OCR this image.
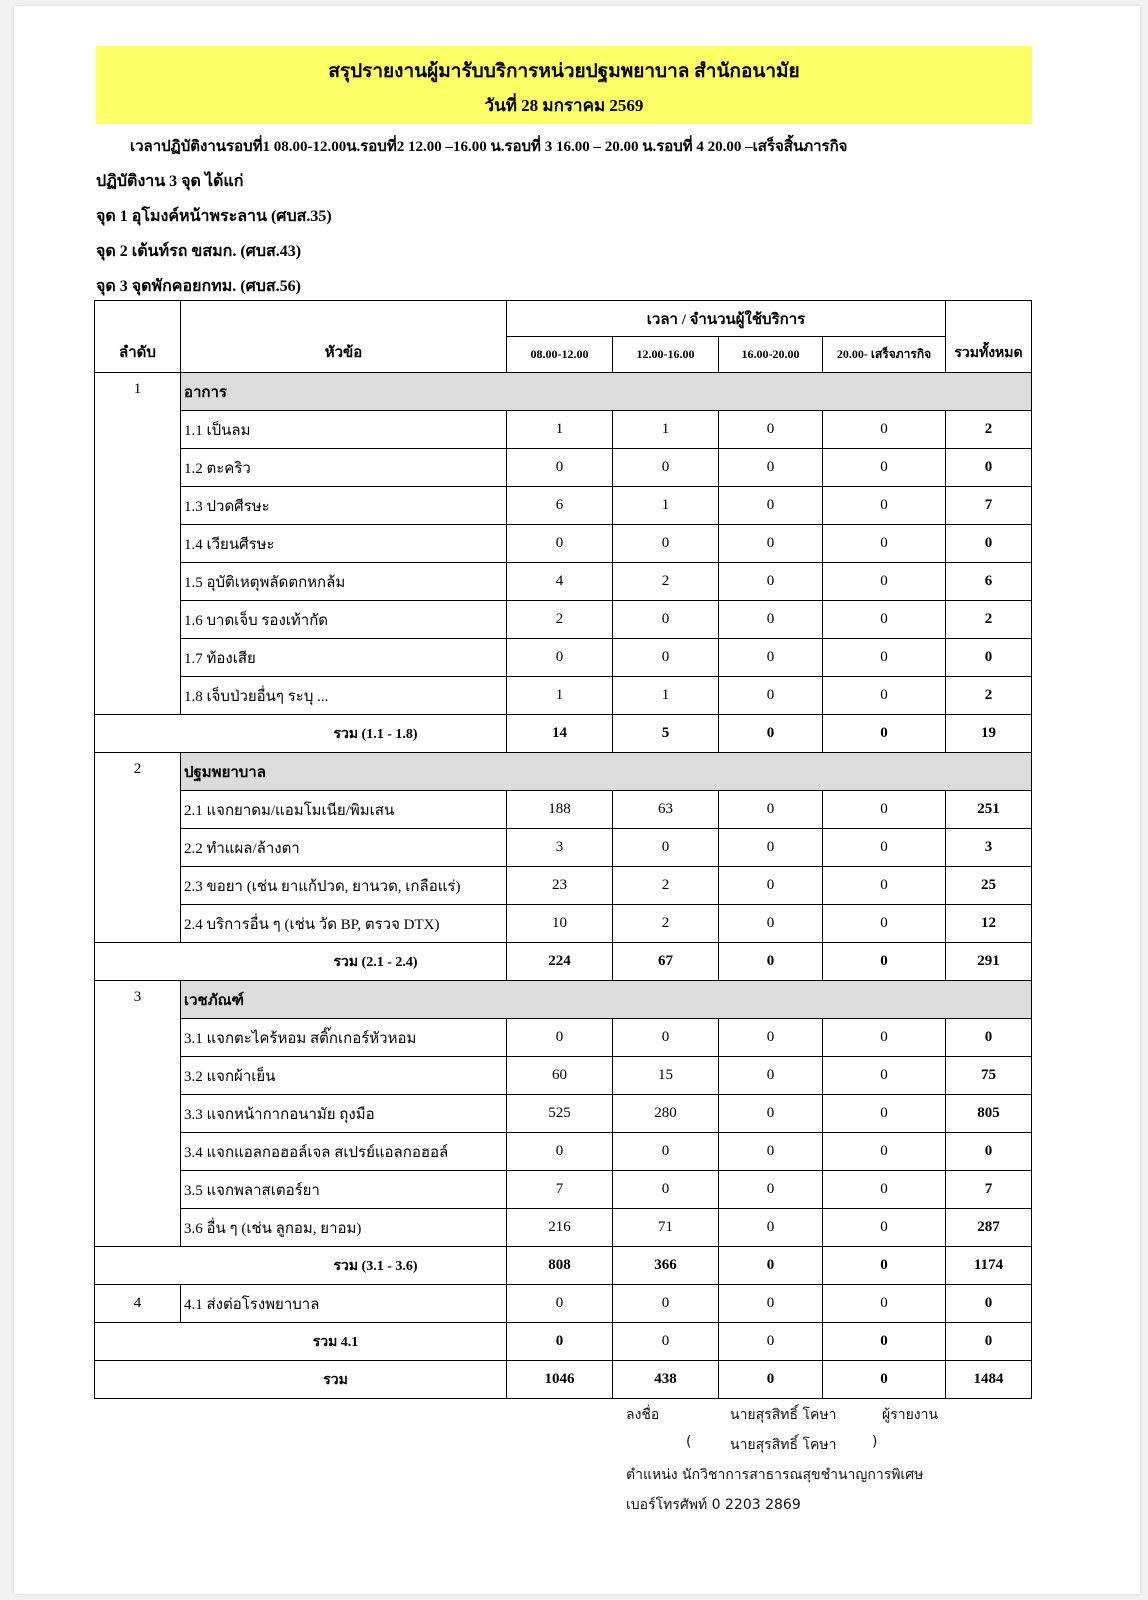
สรุปรายงานผู้มารับบริการหน่วยปฐมพยาบาล สำนักอนามัย
วันที่ 28 มกราคม 2569
เวลาปฏิบัติงานรอบที่1 08.00-12.00น.รอบที่2 12.00 –16.00 น.รอบที่ 3 16.00 – 20.00 น.รอบที่ 4 20.00 –เสร็จสิ้นภารกิจ
ปฏิบัติงาน 3 จุด ได้แก่
จุด 1 อุโมงค์หน้าพระลาน (ศบส.35)
จุด 2 เต้นท์รถ ขสมก. (ศบส.43)
จุด 3 จุดพักคอยกทม. (ศบส.56)
ลำดับ	หัวข้อ	เวลา / จำนวนผู้ใช้บริการ				รวมทั้งหมด
		08.00-12.00	12.00-16.00	16.00-20.00	20.00- เสร็จภารกิจ	
1	อาการ					
	1.1 เป็นลม	1	1	0	0	2
	1.2 ตะคริว	0	0	0	0	0
	1.3 ปวดศีรษะ	6	1	0	0	7
	1.4 เวียนศีรษะ	0	0	0	0	0
	1.5 อุบัติเหตุพลัดตกหกล้ม	4	2	0	0	6
	1.6 บาดเจ็บ รองเท้ากัด	2	0	0	0	2
	1.7 ท้องเสีย	0	0	0	0	0
	1.8 เจ็บป่วยอื่นๆ ระบุ ...	1	1	0	0	2
รวม (1.1 - 1.8)		14	5	0	0	19
2	ปฐมพยาบาล					
	2.1 แจกยาดม/แอมโมเนีย/พิมเสน	188	63	0	0	251
	2.2 ทำแผล/ล้างตา	3	0	0	0	3
	2.3 ขอยา (เช่น ยาแก้ปวด, ยานวด, เกลือแร่)	23	2	0	0	25
	2.4 บริการอื่น ๆ (เช่น วัด BP, ตรวจ DTX)	10	2	0	0	12
รวม (2.1 - 2.4)		224	67	0	0	291
3	เวชภัณฑ์					
	3.1 แจกตะไคร้หอม สติ๊กเกอร์หัวหอม	0	0	0	0	0
	3.2 แจกผ้าเย็น	60	15	0	0	75
	3.3 แจกหน้ากากอนามัย ถุงมือ	525	280	0	0	805
	3.4 แจกแอลกอฮอล์เจล สเปรย์แอลกอฮอล์	0	0	0	0	0
	3.5 แจกพลาสเตอร์ยา	7	0	0	0	7
	3.6 อื่น ๆ (เช่น ลูกอม, ยาอม)	216	71	0	0	287
รวม (3.1 - 3.6)		808	366	0	0	1174
4	4.1 ส่งต่อโรงพยาบาล	0	0	0	0	0
รวม 4.1		0	0	0	0	0
รวม		1046	438	0	0	1484
ลงชื่อ	นายสุรสิทธิ์ โคษา	ผู้รายงาน
(	นายสุรสิทธิ์ โคษา	)
ตำแหน่ง นักวิชาการสาธารณสุขชำนาญการพิเศษ
เบอร์โทรศัพท์ 0 2203 2869
